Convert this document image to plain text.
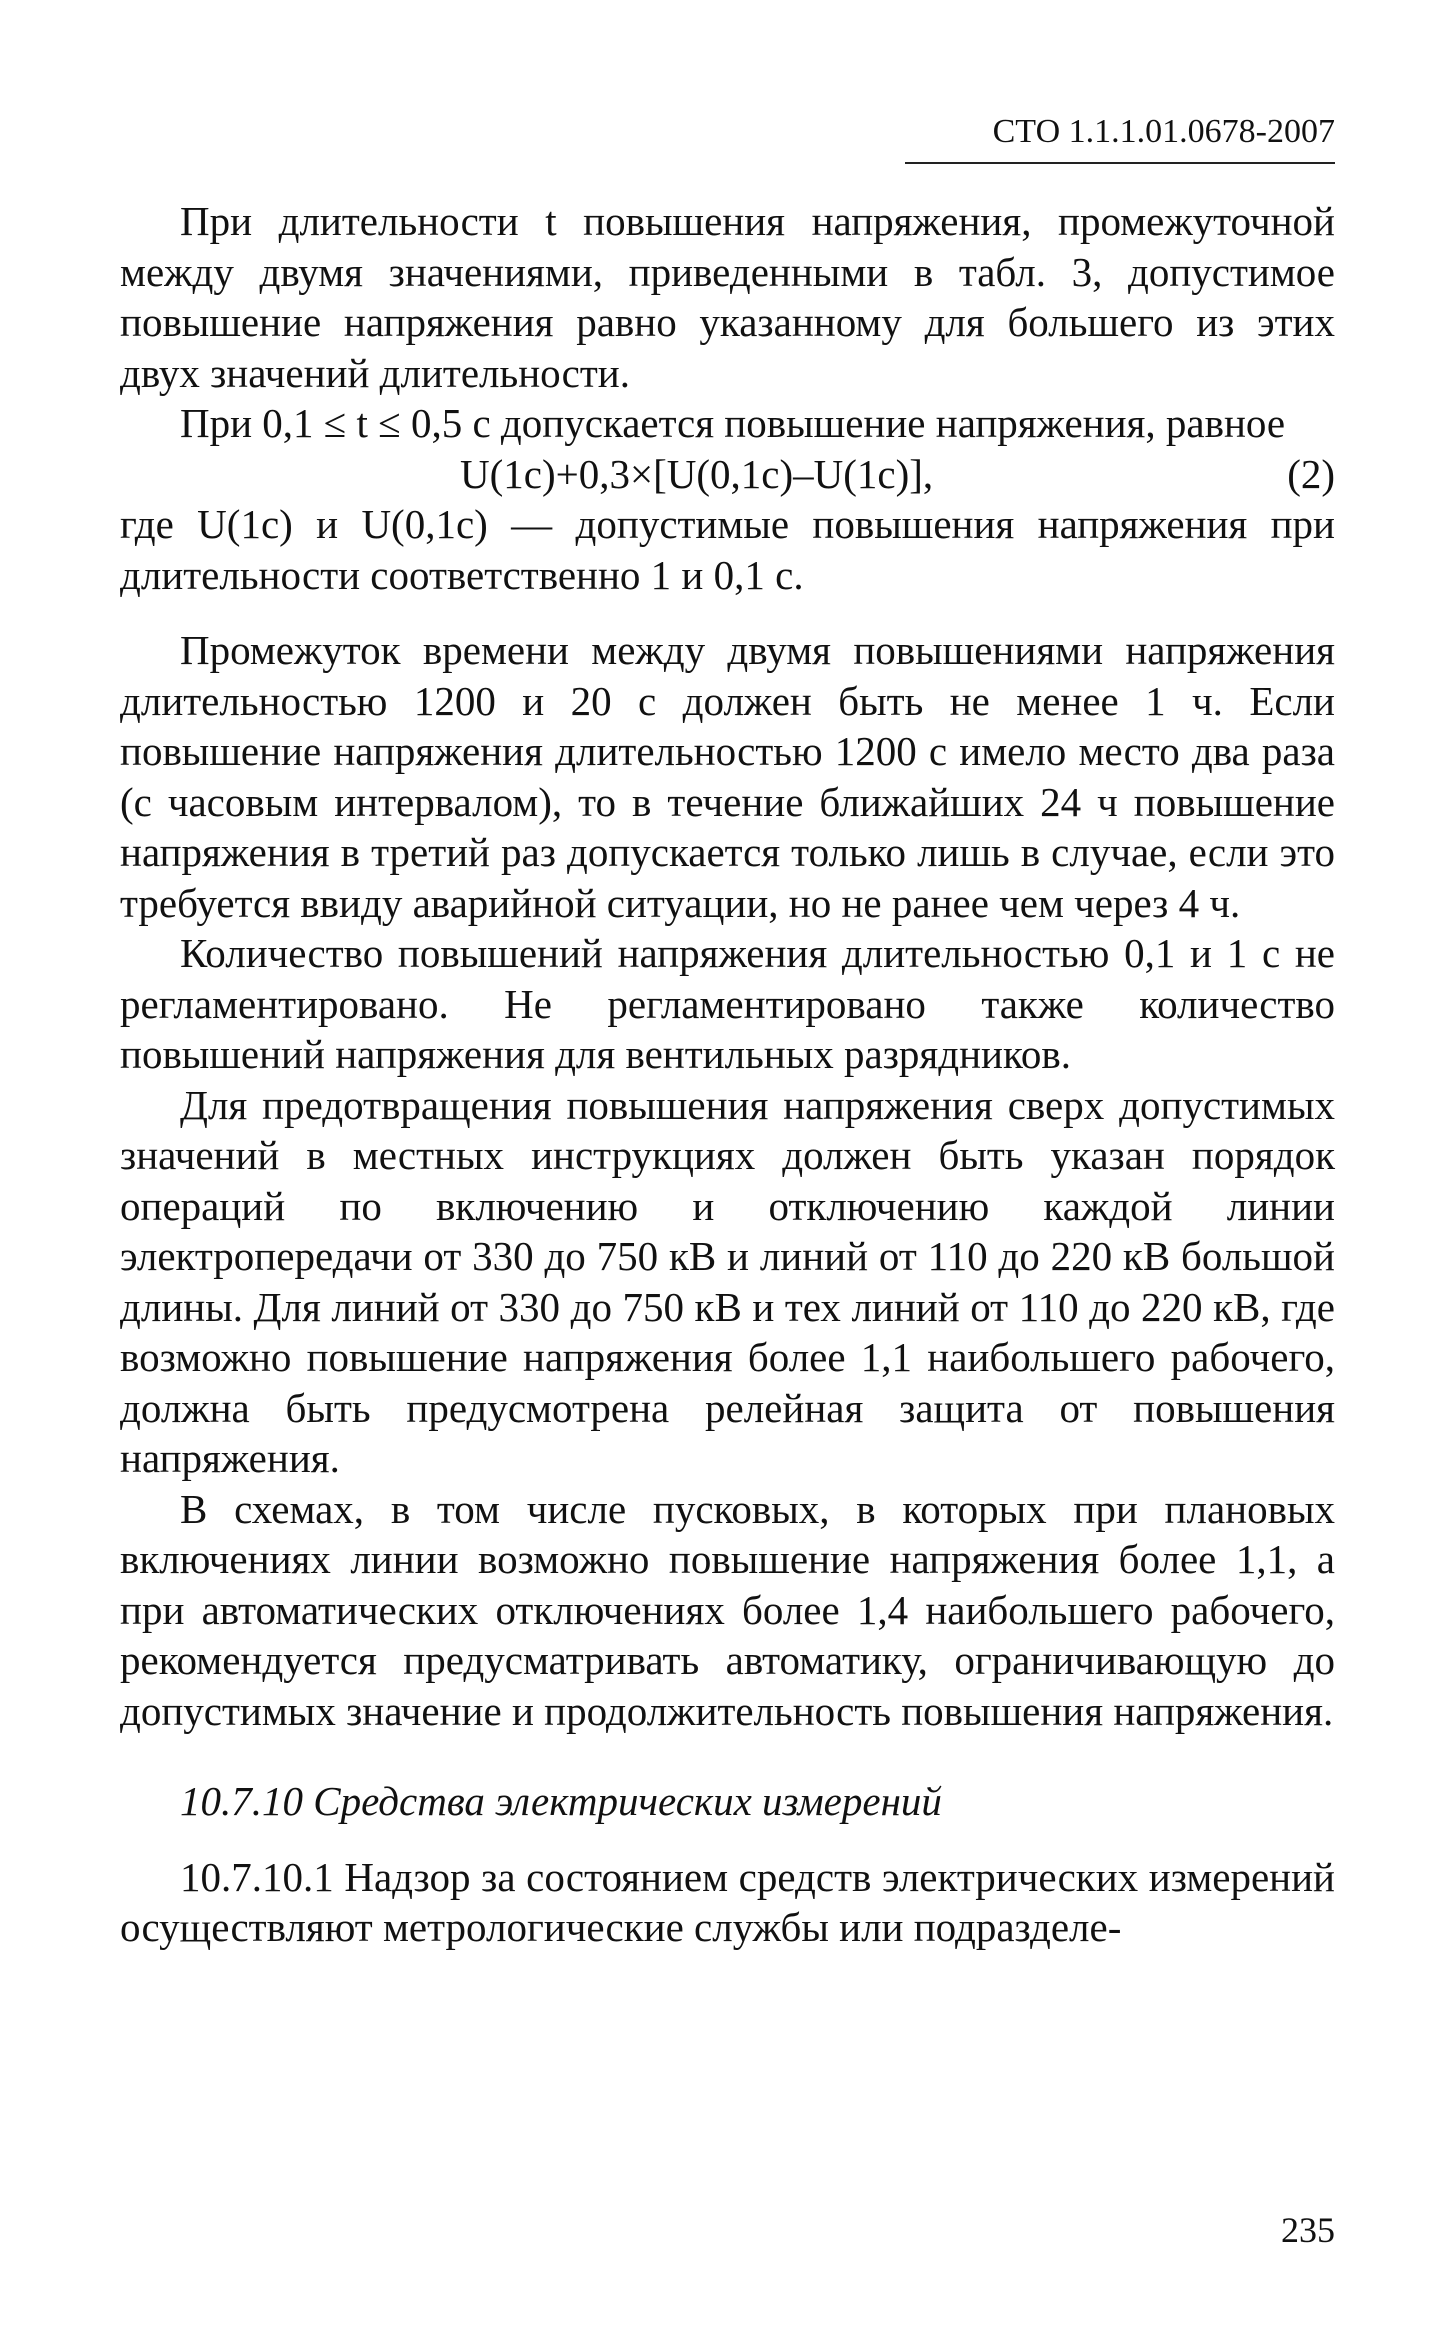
СТО 1.1.1.01.0678-2007

При длительности t повышения напряжения, промежуточной между двумя значениями, приведенными в табл. 3, допустимое повышение напряжения равно указанному для большего из этих двух значений длительности.

При 0,1 ≤ t ≤ 0,5 с допускается повышение напряжения, равное

U(1с)+0,3×[U(0,1с)–U(1с)],	(2)

где U(1с) и U(0,1с) — допустимые повышения напряжения при длительности соответственно 1 и 0,1 с.

Промежуток времени между двумя повышениями напряжения длительностью 1200 и 20 с должен быть не менее 1 ч. Если повышение напряжения длительностью 1200 с имело место два раза (с часовым интервалом), то в течение ближайших 24 ч повышение напряжения в третий раз допускается только лишь в случае, если это требуется ввиду аварийной ситуации, но не ранее чем через 4 ч.

Количество повышений напряжения длительностью 0,1 и 1 с не регламентировано. Не регламентировано также количество повышений напряжения для вентильных разрядников.

Для предотвращения повышения напряжения сверх допустимых значений в местных инструкциях должен быть указан порядок операций по включению и отключению каждой линии электропередачи от 330 до 750 кВ и линий от 110 до 220 кВ большой длины. Для линий от 330 до 750 кВ и тех линий от 110 до 220 кВ, где возможно повышение напряжения более 1,1 наибольшего рабочего, должна быть предусмотрена релейная защита от повышения напряжения.

В схемах, в том числе пусковых, в которых при плановых включениях линии возможно повышение напряжения более 1,1, а при автоматических отключениях более 1,4 наибольшего рабочего, рекомендуется предусматривать автоматику, ограничивающую до допустимых значение и продолжительность повышения напряжения.

10.7.10 Средства электрических измерений

10.7.10.1 Надзор за состоянием средств электрических измерений осуществляют метрологические службы или подразделе-

235
